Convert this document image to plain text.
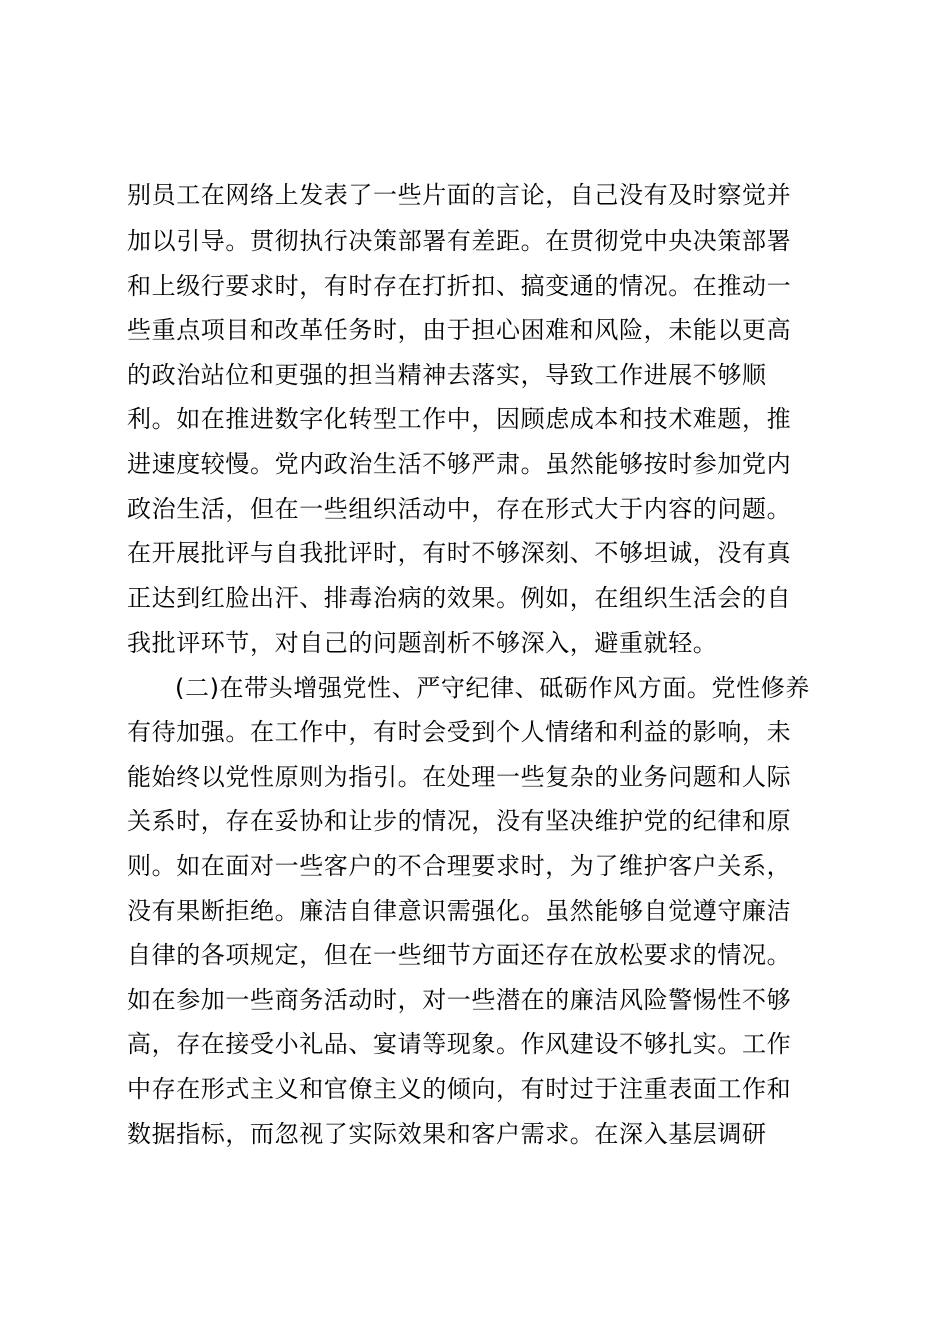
别员工在网络上发表了一些片面的言论，自己没有及时察觉并
加以引导。贯彻执行决策部署有差距。在贯彻党中央决策部署
和上级行要求时，有时存在打折扣、搞变通的情况。在推动一
些重点项目和改革任务时，由于担心困难和风险，未能以更高
的政治站位和更强的担当精神去落实，导致工作进展不够顺
利。如在推进数字化转型工作中，因顾虑成本和技术难题，推
进速度较慢。党内政治生活不够严肃。虽然能够按时参加党内
政治生活，但在一些组织活动中，存在形式大于内容的问题。
在开展批评与自我批评时，有时不够深刻、不够坦诚，没有真
正达到红脸出汗、排毒治病的效果。例如，在组织生活会的自
我批评环节，对自己的问题剖析不够深入，避重就轻。
(二)在带头增强党性、严守纪律、砥砺作风方面。党性修养
有待加强。在工作中，有时会受到个人情绪和利益的影响，未
能始终以党性原则为指引。在处理一些复杂的业务问题和人际
关系时，存在妥协和让步的情况，没有坚决维护党的纪律和原
则。如在面对一些客户的不合理要求时，为了维护客户关系，
没有果断拒绝。廉洁自律意识需强化。虽然能够自觉遵守廉洁
自律的各项规定，但在一些细节方面还存在放松要求的情况。
如在参加一些商务活动时，对一些潜在的廉洁风险警惕性不够
高，存在接受小礼品、宴请等现象。作风建设不够扎实。工作
中存在形式主义和官僚主义的倾向，有时过于注重表面工作和
数据指标，而忽视了实际效果和客户需求。在深入基层调研
